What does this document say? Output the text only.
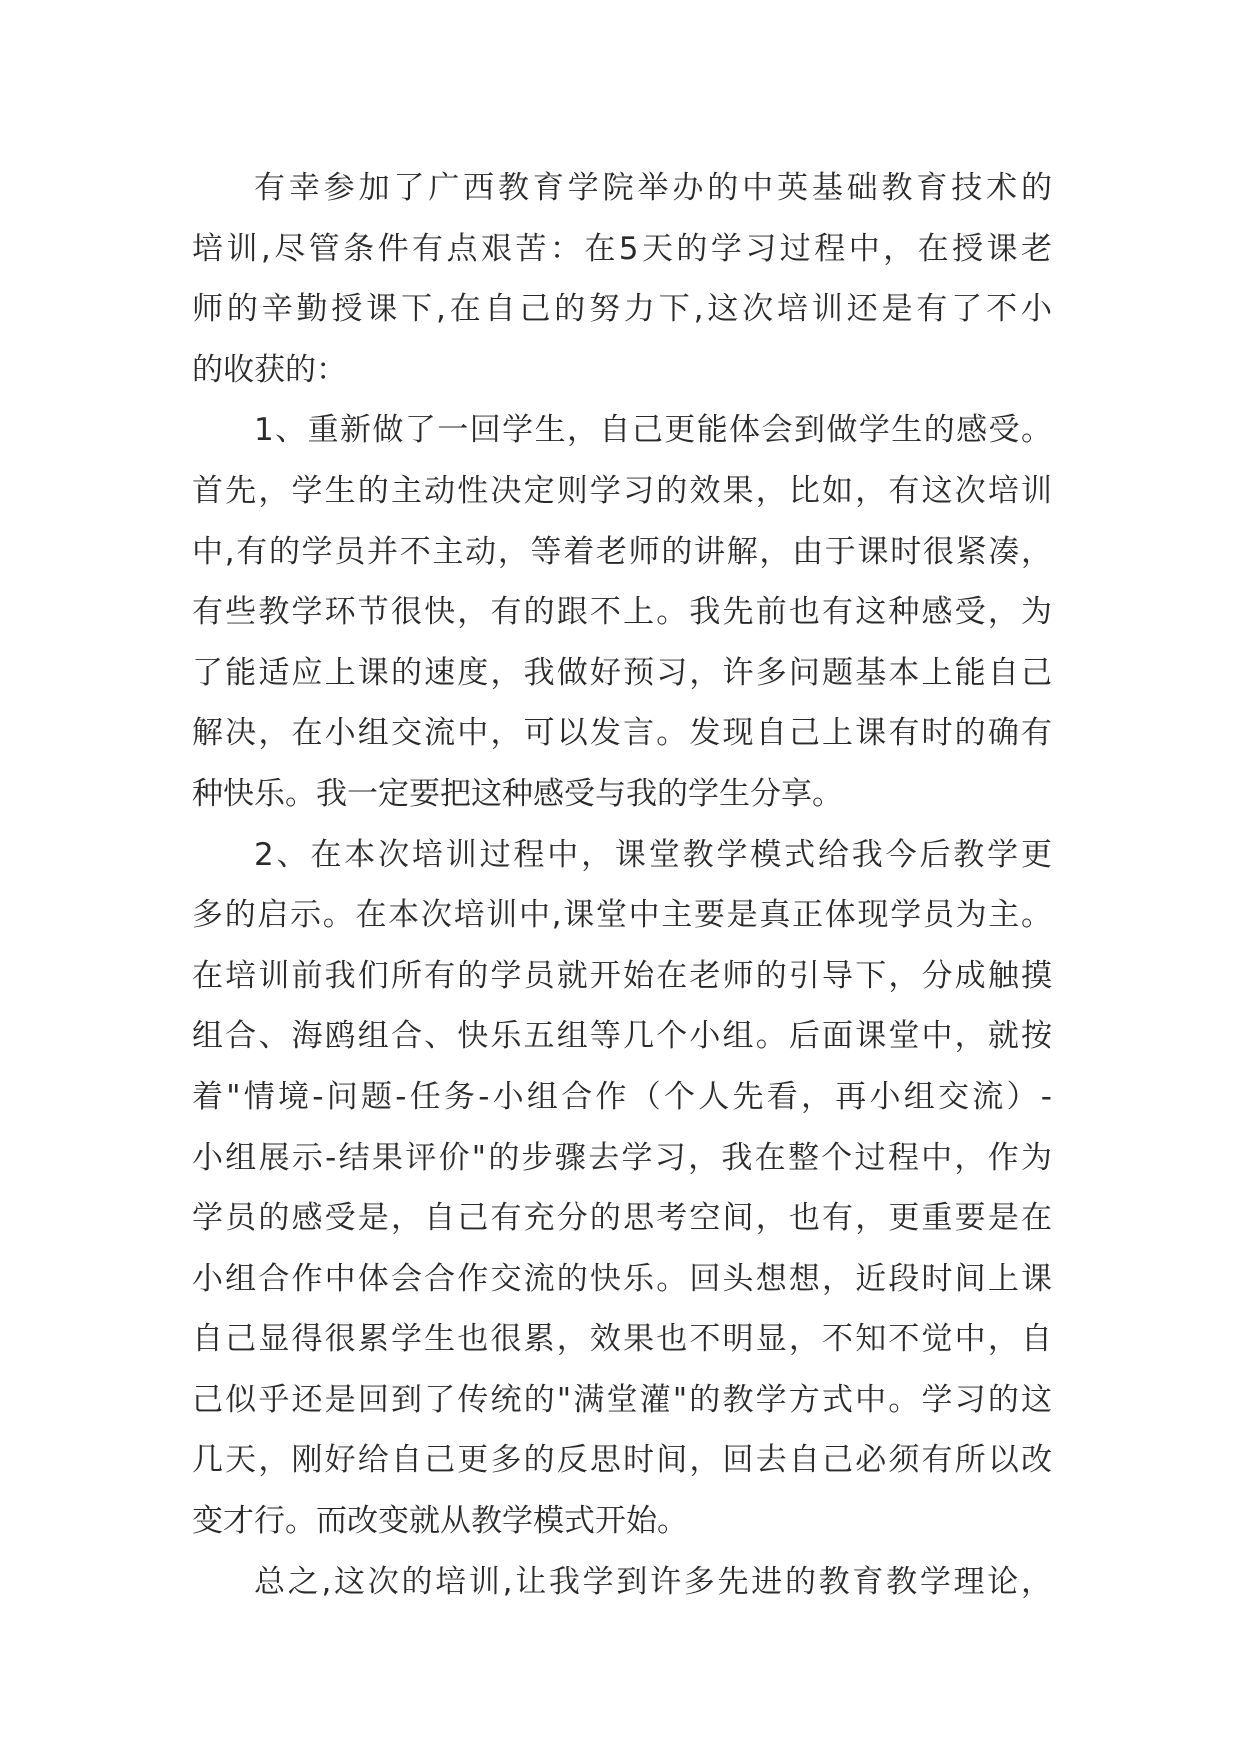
有幸参加了广西教育学院举办的中英基础教育技术的
培训,尽管条件有点艰苦：在5天的学习过程中，在授课老
师的辛勤授课下,在自己的努力下,这次培训还是有了不小
的收获的：
1、重新做了一回学生，自己更能体会到做学生的感受。
首先，学生的主动性决定则学习的效果，比如，有这次培训
中,有的学员并不主动，等着老师的讲解，由于课时很紧凑，
有些教学环节很快，有的跟不上。我先前也有这种感受，为
了能适应上课的速度，我做好预习，许多问题基本上能自己
解决，在小组交流中，可以发言。发现自己上课有时的确有
种快乐。我一定要把这种感受与我的学生分享。
2、在本次培训过程中，课堂教学模式给我今后教学更
多的启示。在本次培训中,课堂中主要是真正体现学员为主。
在培训前我们所有的学员就开始在老师的引导下，分成触摸
组合、海鸥组合、快乐五组等几个小组。后面课堂中，就按
着"情境-问题-任务-小组合作（个人先看，再小组交流）-
小组展示-结果评价"的步骤去学习，我在整个过程中，作为
学员的感受是，自己有充分的思考空间，也有，更重要是在
小组合作中体会合作交流的快乐。回头想想，近段时间上课
自己显得很累学生也很累，效果也不明显，不知不觉中，自
己似乎还是回到了传统的"满堂灌"的教学方式中。学习的这
几天，刚好给自己更多的反思时间，回去自己必须有所以改
变才行。而改变就从教学模式开始。
总之,这次的培训,让我学到许多先进的教育教学理论，
